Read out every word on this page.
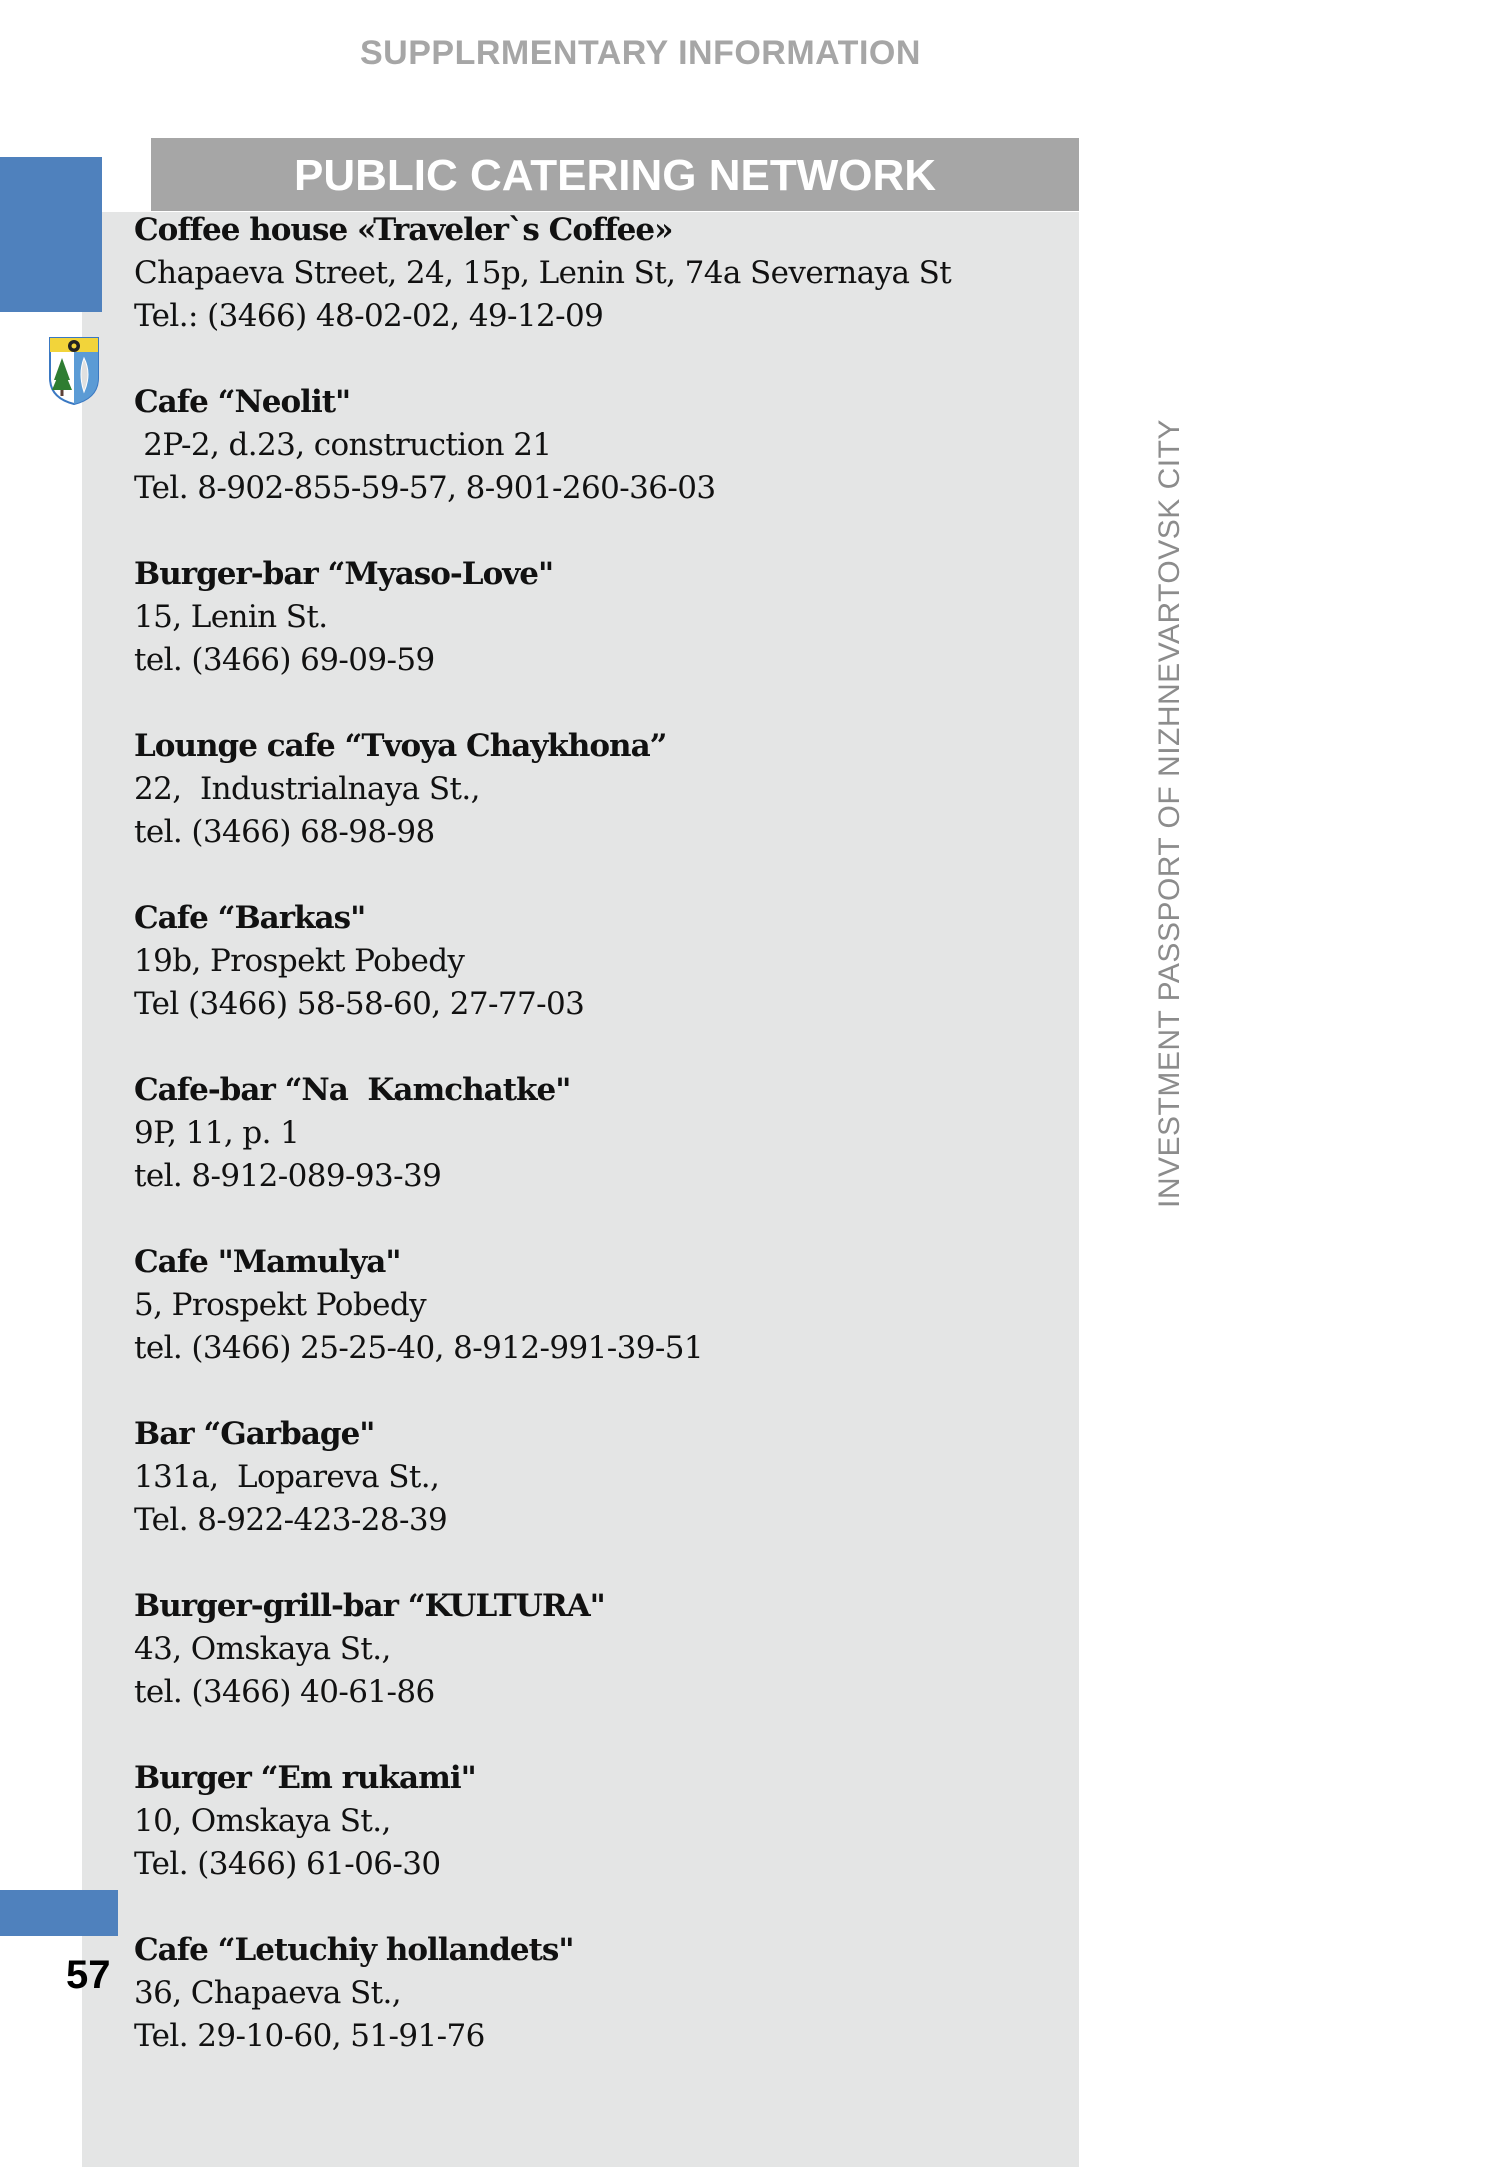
SUPPLRMENTARY INFORMATION
PUBLIC CATERING NETWORK
INVESTMENT PASSPORT OF NIZHNEVARTOVSK CITY
57
Coffee house «Traveler`s Coffee»
Chapaeva Street, 24, 15p, Lenin St, 74a Severnaya St
Tel.: (3466) 48-02-02, 49-12-09
Cafe “Neolit"
2P-2, d.23, construction 21
Tel. 8-902-855-59-57, 8-901-260-36-03
Burger-bar “Myaso-Love"
15, Lenin St.
tel. (3466) 69-09-59
Lounge cafe “Tvoya Chaykhona”
22,  Industrialnaya St.,
tel. (3466) 68-98-98
Cafe “Barkas"
19b, Prospekt Pobedy
Tel (3466) 58-58-60, 27-77-03
Cafe-bar “Na  Kamchatke"
9P, 11, p. 1
tel. 8-912-089-93-39
Cafe "Mamulya"
5, Prospekt Pobedy
tel. (3466) 25-25-40, 8-912-991-39-51
Bar “Garbage"
131a,  Lopareva St.,
Tel. 8-922-423-28-39
Burger-grill-bar “KULTURA"
43, Omskaya St.,
tel. (3466) 40-61-86
Burger “Em rukami"
10, Omskaya St.,
Tel. (3466) 61-06-30
Cafe “Letuchiy hollandets"
36, Chapaeva St.,
Tel. 29-10-60, 51-91-76
